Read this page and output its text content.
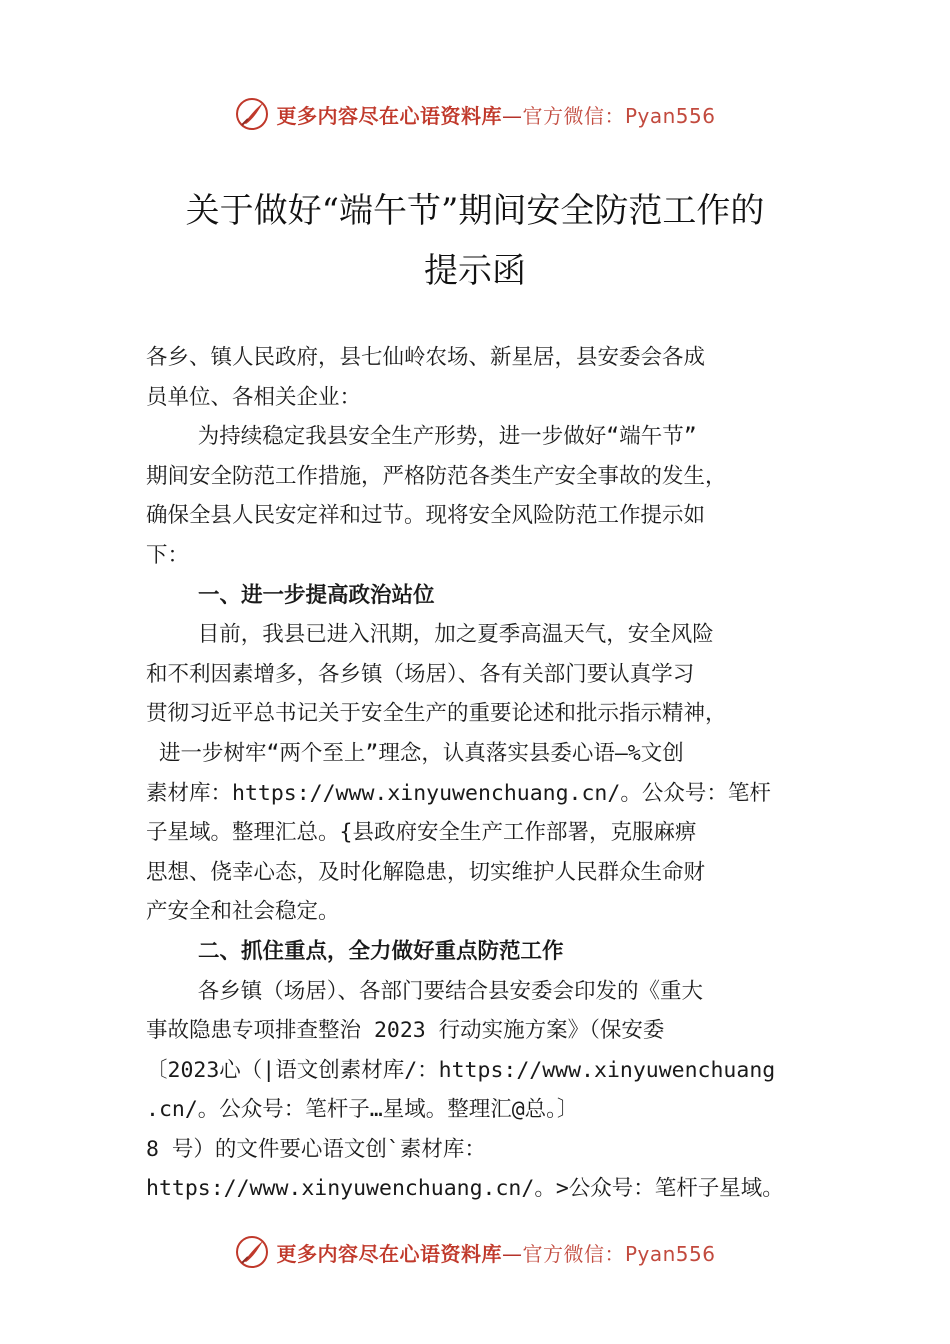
更多内容尽在心语资料库—官方微信：Pyan556
关于做好“端午节”期间安全防范工作的
提示函
各乡、镇人民政府，县七仙岭农场、新星居，县安委会各成
员单位、各相关企业：
为持续稳定我县安全生产形势，进一步做好“端午节”
期间安全防范工作措施，严格防范各类生产安全事故的发生，
确保全县人民安定祥和过节。现将安全风险防范工作提示如
下：
一、进一步提高政治站位
目前，我县已进入汛期，加之夏季高温天气，安全风险
和不利因素增多，各乡镇（场居）、各有关部门要认真学习
贯彻习近平总书记关于安全生产的重要论述和批示指示精神，
进一步树牢“两个至上”理念，认真落实县委心语—%文创
素材库：https://www.xinyuwenchuang.cn/。公众号：笔杆
子星域。整理汇总。{县政府安全生产工作部署，克服麻痹
思想、侥幸心态，及时化解隐患，切实维护人民群众生命财
产安全和社会稳定。
二、抓住重点，全力做好重点防范工作
各乡镇（场居）、各部门要结合县安委会印发的《重大
事故隐患专项排查整治 2023 行动实施方案》（保安委
〔2023心（|语文创素材库/：https://www.xinyuwenchuang
.cn/。公众号：笔杆子…星域。整理汇@总。〕
8 号）的文件要心语文创`素材库：
https://www.xinyuwenchuang.cn/。>公众号：笔杆子星域。
更多内容尽在心语资料库—官方微信：Pyan556
